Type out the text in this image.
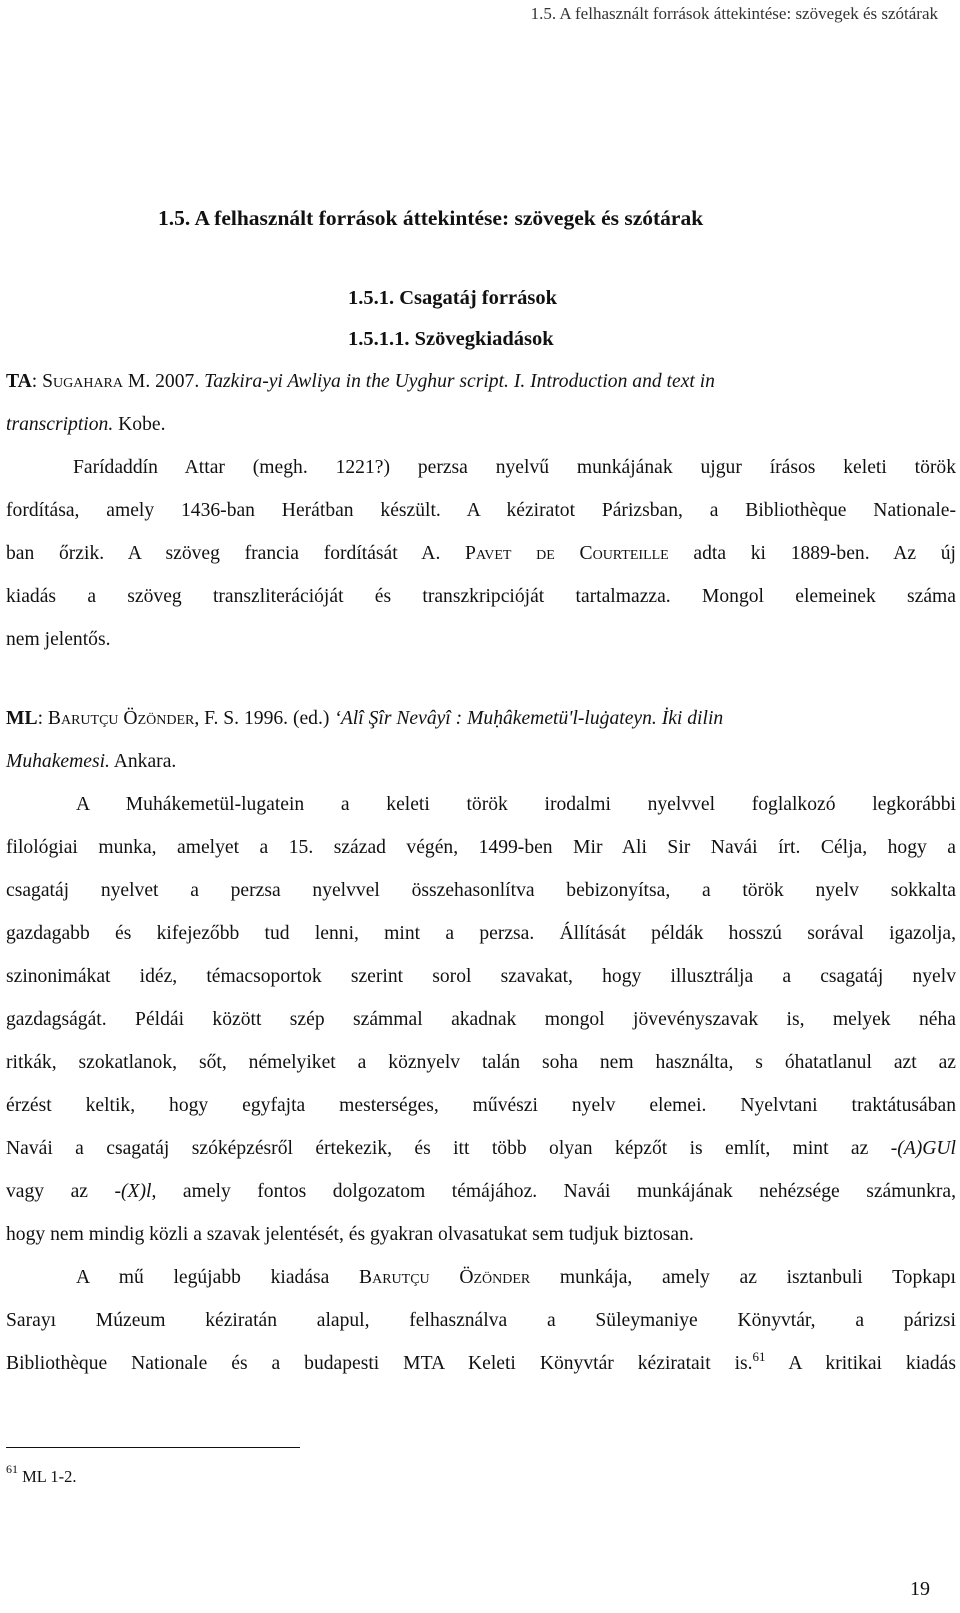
1.5. A felhasznált források áttekintése: szövegek és szótárak
1.5. A felhasznált források áttekintése: szövegek és szótárak
1.5.1. Csagatáj források
1.5.1.1. Szövegkiadások
TA: Sugahara M. 2007. Tazkira-yi Awliya in the Uyghur script. I. Introduction and text in
transcription. Kobe.
Farídaddín Attar (megh. 1221?) perzsa nyelvű munkájának ujgur írásos keleti török
fordítása, amely 1436-ban Herátban készült. A kéziratot Párizsban, a Bibliothèque Nationale-
ban őrzik. A szöveg francia fordítását A. Pavet de Courteille adta ki 1889-ben. Az új
kiadás a szöveg transzliterációját és transzkripcióját tartalmazza. Mongol elemeinek száma
nem jelentős.
ML: Barutçu Özönder, F. S. 1996. (ed.) ‘Alî Şîr Nevâyî : Muḥâkemetü'l-luġateyn. İki dilin
Muhakemesi. Ankara.
A Muhákemetül-lugatein a keleti török irodalmi nyelvvel foglalkozó legkorábbi
filológiai munka, amelyet a 15. század végén, 1499-ben Mir Ali Sir Navái írt. Célja, hogy a
csagatáj nyelvet a perzsa nyelvvel összehasonlítva bebizonyítsa, a török nyelv sokkalta
gazdagabb és kifejezőbb tud lenni, mint a perzsa. Állítását példák hosszú sorával igazolja,
szinonimákat idéz, témacsoportok szerint sorol szavakat, hogy illusztrálja a csagatáj nyelv
gazdagságát. Példái között szép számmal akadnak mongol jövevényszavak is, melyek néha
ritkák, szokatlanok, sőt, némelyiket a köznyelv talán soha nem használta, s óhatatlanul azt az
érzést keltik, hogy egyfajta mesterséges, művészi nyelv elemei. Nyelvtani traktátusában
Navái a csagatáj szóképzésről értekezik, és itt több olyan képzőt is említ, mint az -(A)GUl
vagy az -(X)l, amely fontos dolgozatom témájához. Navái munkájának nehézsége számunkra,
hogy nem mindig közli a szavak jelentését, és gyakran olvasatukat sem tudjuk biztosan.
A mű legújabb kiadása Barutçu Özönder munkája, amely az isztanbuli Topkapı
Sarayı Múzeum kéziratán alapul, felhasználva a Süleymaniye Könyvtár, a párizsi
Bibliothèque Nationale és a budapesti MTA Keleti Könyvtár kéziratait is.$^{61}$ A kritikai kiadás
$^{61}$ ML 1-2.
19
